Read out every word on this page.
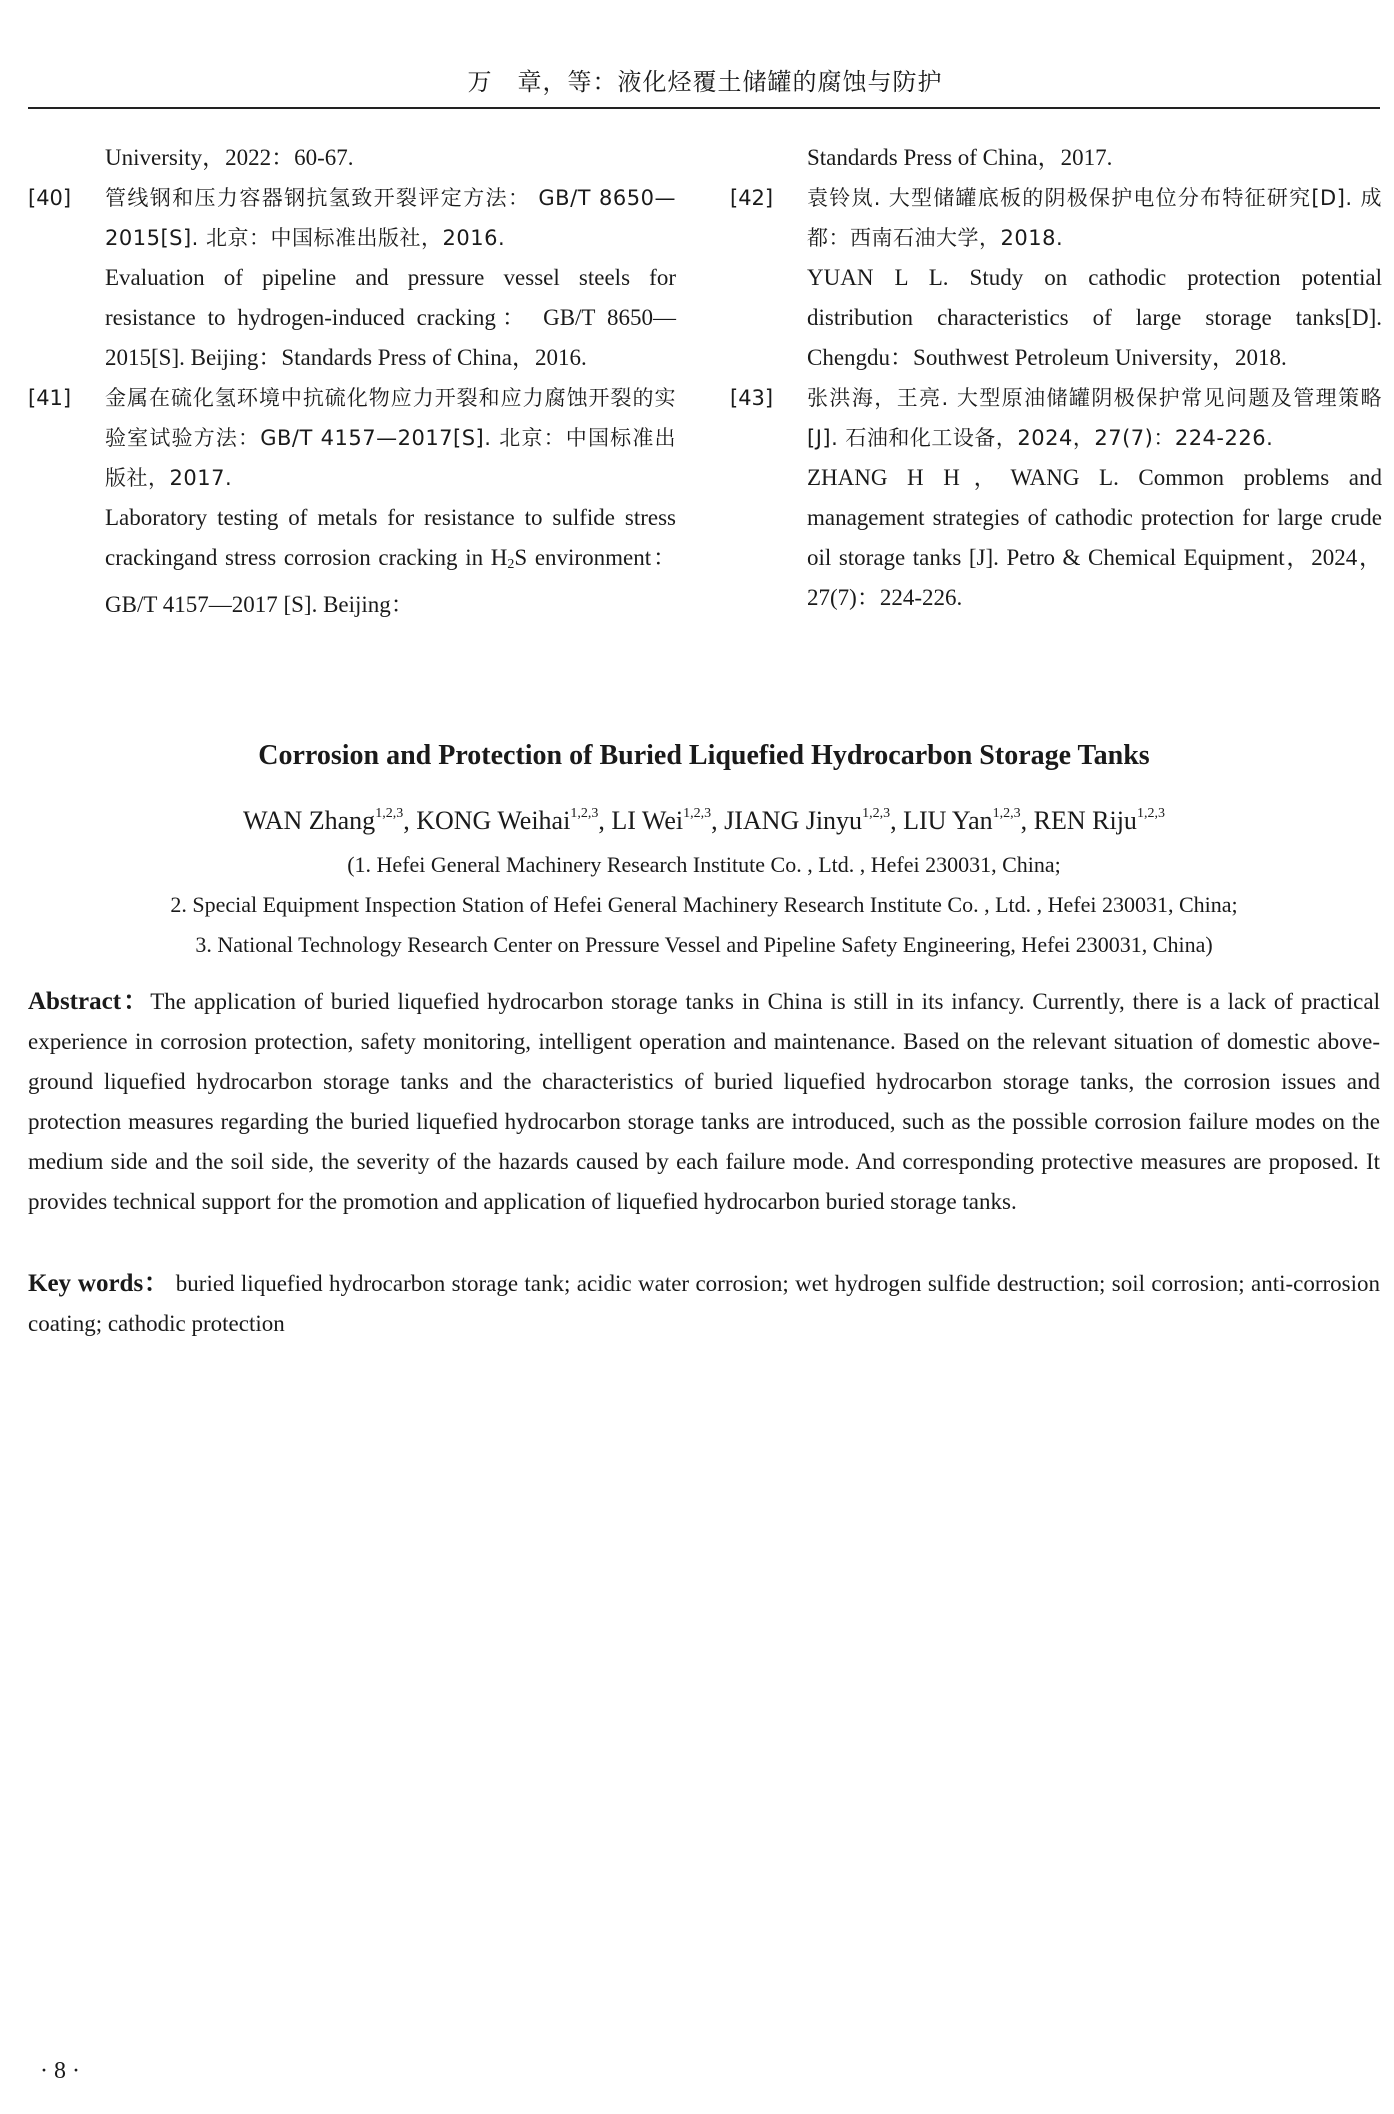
万　章，等：液化烃覆土储罐的腐蚀与防护
University，2022：60-67.
[40] 管线钢和压力容器钢抗氢致开裂评定方法： GB/T 8650—2015[S]. 北京：中国标准出版社，2016.
Evaluation of pipeline and pressure vessel steels for resistance to hydrogen-induced cracking： GB/T 8650—2015[S]. Beijing：Standards Press of China，2016.
[41] 金属在硫化氢环境中抗硫化物应力开裂和应力腐蚀开裂的实验室试验方法：GB/T 4157—2017[S]. 北京：中国标准出版社，2017.
Laboratory testing of metals for resistance to sulfide stress crackingand stress corrosion cracking in $H_2S$ environment： GB/T 4157—2017 [S]. Beijing：
Standards Press of China，2017.
[42] 袁铃岚. 大型储罐底板的阴极保护电位分布特征研究[D]. 成都：西南石油大学，2018.
YUAN L L. Study on cathodic protection potential distribution characteristics of large storage tanks[D]. Chengdu：Southwest Petroleum University，2018.
[43] 张洪海，王亮. 大型原油储罐阴极保护常见问题及管理策略[J]. 石油和化工设备，2024，27(7)：224-226.
ZHANG H H，WANG L. Common problems and management strategies of cathodic protection for large crude oil storage tanks [J]. Petro & Chemical Equipment，2024，27(7)：224-226.
Corrosion and Protection of Buried Liquefied Hydrocarbon Storage Tanks
WAN Zhang$^{1,2,3}$, KONG Weihai$^{1,2,3}$, LI Wei$^{1,2,3}$, JIANG Jinyu$^{1,2,3}$, LIU Yan$^{1,2,3}$, REN Riju$^{1,2,3}$
(1. Hefei General Machinery Research Institute Co. , Ltd. , Hefei 230031, China;
2. Special Equipment Inspection Station of Hefei General Machinery Research Institute Co. , Ltd. , Hefei 230031, China;
3. National Technology Research Center on Pressure Vessel and Pipeline Safety Engineering, Hefei 230031, China)
Abstract：The application of buried liquefied hydrocarbon storage tanks in China is still in its infancy. Currently, there is a lack of practical experience in corrosion protection, safety monitoring, intelligent operation and maintenance. Based on the relevant situation of domestic above-ground liquefied hydrocarbon storage tanks and the characteristics of buried liquefied hydrocarbon storage tanks, the corrosion issues and protection measures regarding the buried liquefied hydrocarbon storage tanks are introduced, such as the possible corrosion failure modes on the medium side and the soil side, the severity of the hazards caused by each failure mode. And corresponding protective measures are proposed. It provides technical support for the promotion and application of liquefied hydrocarbon buried storage tanks.
Key words： buried liquefied hydrocarbon storage tank; acidic water corrosion; wet hydrogen sulfide destruction; soil corrosion; anti-corrosion coating; cathodic protection
· 8 ·
